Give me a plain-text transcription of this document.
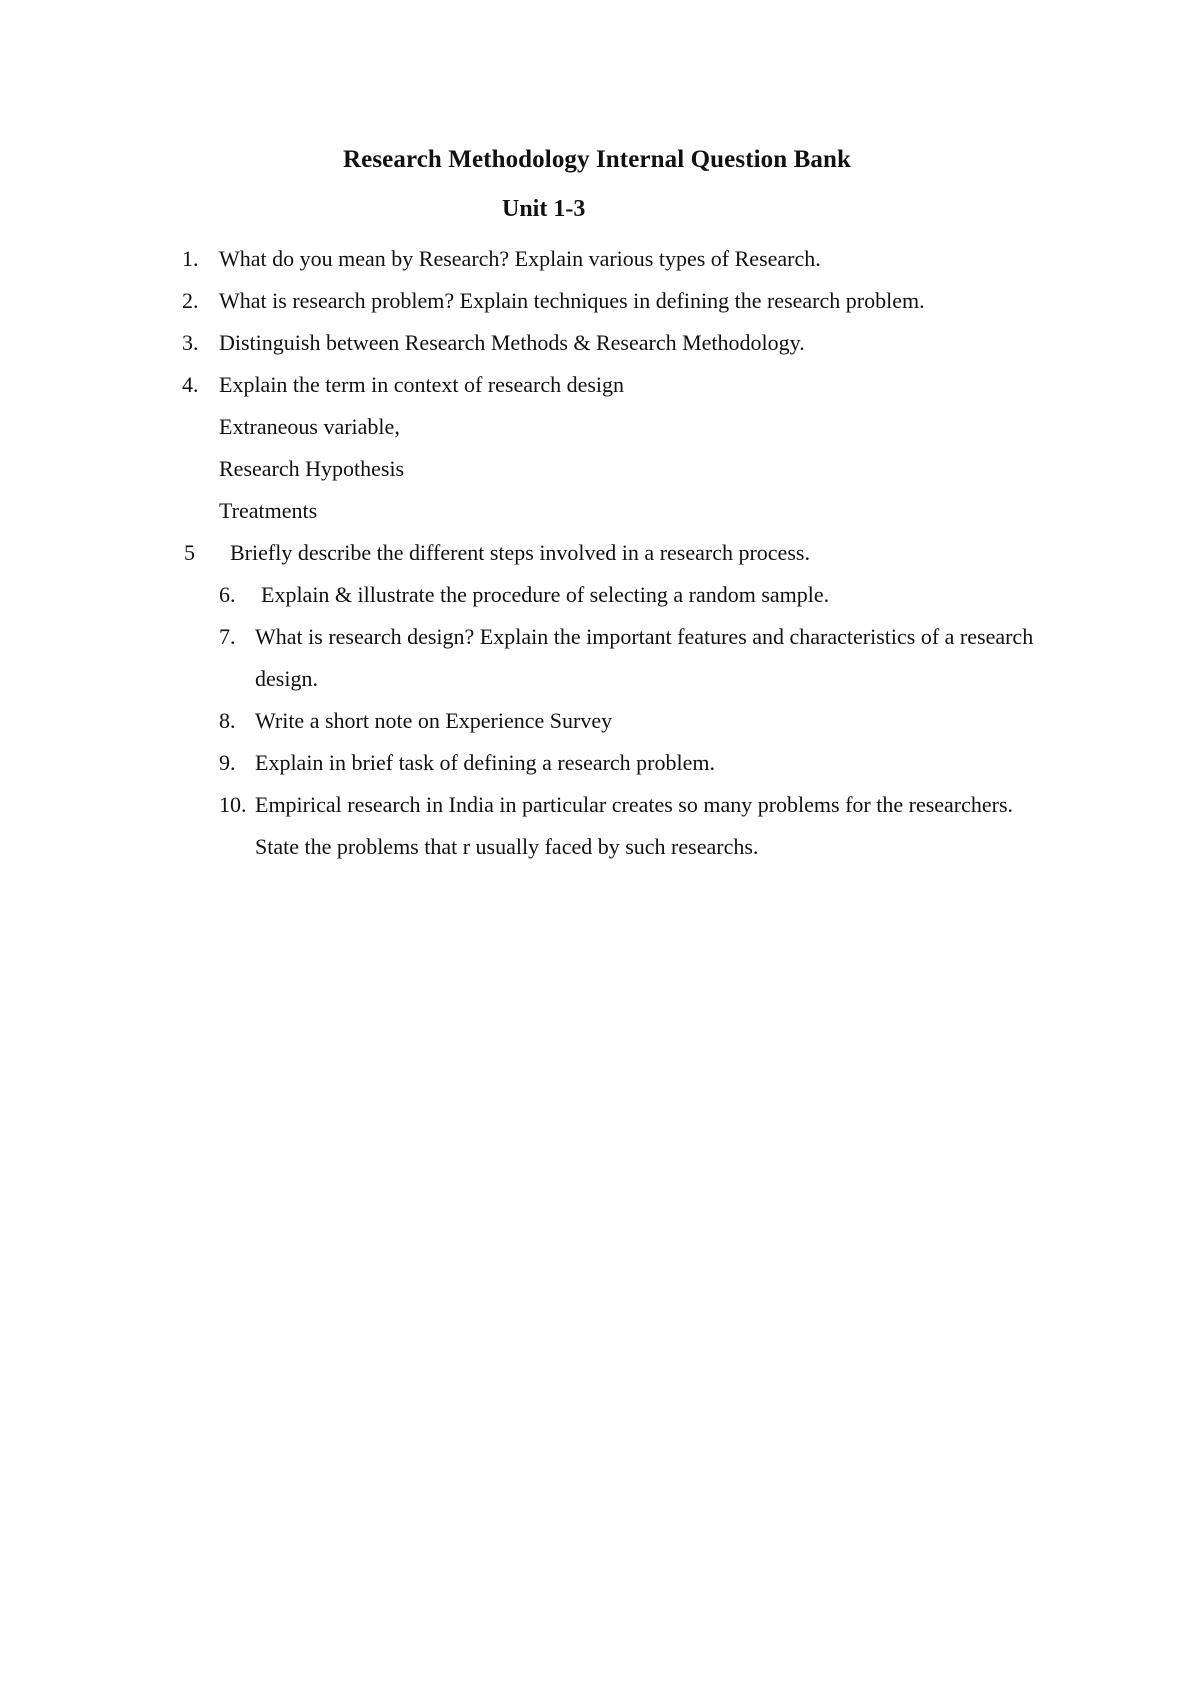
Research Methodology Internal Question Bank
Unit 1-3
1. What do you mean by Research? Explain various types of Research.
2. What is research problem? Explain techniques in defining the research problem.
3. Distinguish between Research Methods & Research Methodology.
4. Explain the term in context of research design
Extraneous variable,
Research Hypothesis
Treatments
5 Briefly describe the different steps involved in a research process.
6. Explain & illustrate the procedure of selecting a random sample.
7. What is research design? Explain the important features and characteristics of a research
design.
8. Write a short note on Experience Survey
9. Explain in brief task of defining a research problem.
10. Empirical research in India in particular creates so many problems for the researchers.
State the problems that r usually faced by such researchs.
